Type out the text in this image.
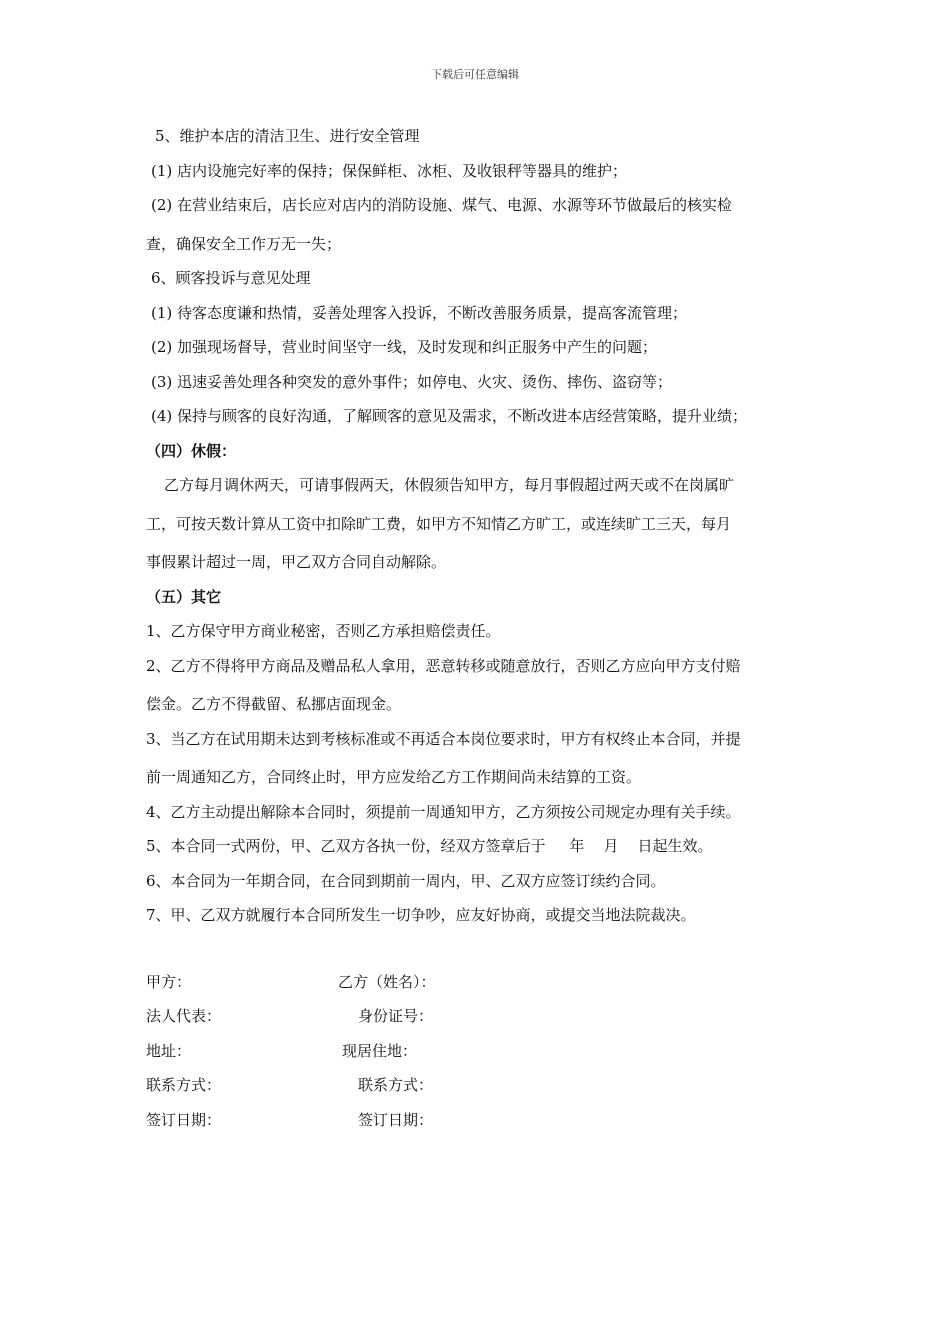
下载后可任意编辑
5、维护本店的清洁卫生、进行安全管理
(1) 店内设施完好率的保持；保保鲜柜、冰柜、及收银秤等器具的维护；
(2) 在营业结束后，店长应对店内的消防设施、煤气、电源、水源等环节做最后的核实检
查，确保安全工作万无一失；
6、顾客投诉与意见处理
(1) 待客态度谦和热情，妥善处理客入投诉，不断改善服务质景，提高客流管理；
(2) 加强现场督导，营业时间坚守一线，及时发现和纠正服务中产生的问题；
(3) 迅速妥善处理各种突发的意外事件；如停电、火灾、烫伤、摔伤、盗窃等；
(4) 保持与顾客的良好沟通，了解顾客的意见及需求，不断改进本店经营策略，提升业绩；
（四）休假：
乙方每月调休两天，可请事假两天，休假须告知甲方，每月事假超过两天或不在岗属旷
工，可按天数计算从工资中扣除旷工费，如甲方不知情乙方旷工，或连续旷工三天，每月
事假累计超过一周，甲乙双方合同自动解除。
（五）其它
1、乙方保守甲方商业秘密，否则乙方承担赔偿责任。
2、乙方不得将甲方商品及赠品私人拿用，恶意转移或随意放行，否则乙方应向甲方支付赔
偿金。乙方不得截留、私挪店面现金。
3、当乙方在试用期未达到考核标准或不再适合本岗位要求时，甲方有权终止本合同，并提
前一周通知乙方，合同终止时，甲方应发给乙方工作期间尚未结算的工资。
4、乙方主动提出解除本合同时，须提前一周通知甲方，乙方须按公司规定办理有关手续。
5、本合同一式两份，甲、乙双方各执一份，经双方签章后于     年    月    日起生效。
6、本合同为一年期合同，在合同到期前一周内，甲、乙双方应签订续约合同。
7、甲、乙双方就履行本合同所发生一切争吵，应友好协商，或提交当地法院裁决。
甲方：	乙方（姓名）：
法人代表：	身份证号：
地址：	现居住地：
联系方式：	联系方式：
签订日期：	签订日期：
